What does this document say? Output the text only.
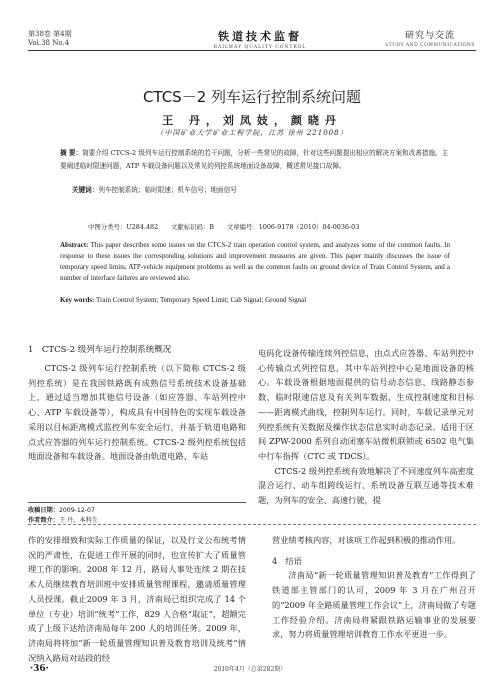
第38卷 第4期
Vol.38 No.4	铁道技术监督
RAILWAY QUALITY CONTROL
研究与交流
STUDY AND COMMUNICATIONS
CTCS－2 列车运行控制系统问题
王 丹，刘凤妓，颜晓丹
（中国矿业大学矿业工程学院，江苏 徐州 221008）
摘 要：简要介绍 CTCS-2 级列车运行控制系统的若干问题，分析一些常见的故障，针对这些问题提出相应的解决方案和改善措施。主要阐述临时限速问题，ATP 车载设备问题以及常见的列控系统地面设备故障，概述常见接口故障。
关键词：列车控制系统；临时限速；机车信号；地面信号
中图分类号：U284.482　　文献标识码：B　　文章编号：1006-9178（2010）04-0036-03
Abstract: This paper describes some issues on the CTCS-2 train operation control system, and analyzes some of the common faults. In response to these issues the corresponding solutions and improvement measures are given. This paper mainly discusses the issue of temporary speed limits, ATP-vehicle equipment problems as well as the common faults on ground device of Train Control System, and a number of interface failures are reviewed also.
Key words: Train Control System; Temporary Speed Limit; Cab Signal; Ground Signal
1　CTCS-2 级列车运行控制系统概况

CTCS-2 级列车运行控制系统（以下简称 CTCS-2 级列控系统）是在我国铁路既有成熟信号系统技术设备基础上，通过适当增加其他信号设备（如应答器、车站列控中心、ATP 车载设备等），构成具有中国特色的实现车载设备采用以目标距离模式监控列车安全运行，并基于轨道电路和点式应答器的列车运行控制系统。CTCS-2 级列控系统包括地面设备和车载设备。地面设备由轨道电路、车站

电码化设备传输连续列控信息，由点式应答器、车站列控中心传输点式列控信息，其中车站列控中心是地面设备的核心。车载设备根据地面提供的信号动态信息、线路静态参数、临时限速信息及有关列车数据，生成控制速度和目标——距离模式曲线，控制列车运行。同时，车载记录单元对列控系统有关数据及操作状态信息实时动态记录。适用于区间 ZPW-2000 系列自动闭塞车站微机联锁或 6502 电气集中行车指挥（CTC 或 TDCS）。

CTCS-2 级列控系统有效地解决了不同速度列车高密度混合运行、动车组跨线运行、系统设备互联互通等技术难题，为列车的安全、高速行驶，提

收稿日期：2009-12-07
作者简介：王 丹，本科生

作的安排细致和实际工作质量的保证，以及行文公布统考情况的严肃性，在促进工作开展的同时，也宣传扩大了质量管理工作的影响。2008 年 12 月，路局人事处连续 2 期在技术人员继续教育培训班中安排质量管理课程，邀请质量管理人员授课。截止2009 年 3 月，济南局已组织完成了 14 个单位（专业）培训“统考”工作，829 人合格“取证”，超额完成了上级下达给济南局每年 200 人的培训任务。2009 年，济南局将将加“新一轮质量管理知识普及教育培训及统考”情况纳入路局对站段的经

营业绩考核内容，对该项工作起到积极的推动作用。

4　结语

济南局“新一轮质量管理知识普及教育”工作得到了铁道部主管部门的认可，2009 年 3 月在广州召开的“2009 年全路质量管理工作会议”上，济南局做了专题工作经验介绍。济南局将紧跟铁路运输事业的发展要求，努力将质量管理培训教育工作水平更进一步。

·36·	2010年4月（总第282期）
